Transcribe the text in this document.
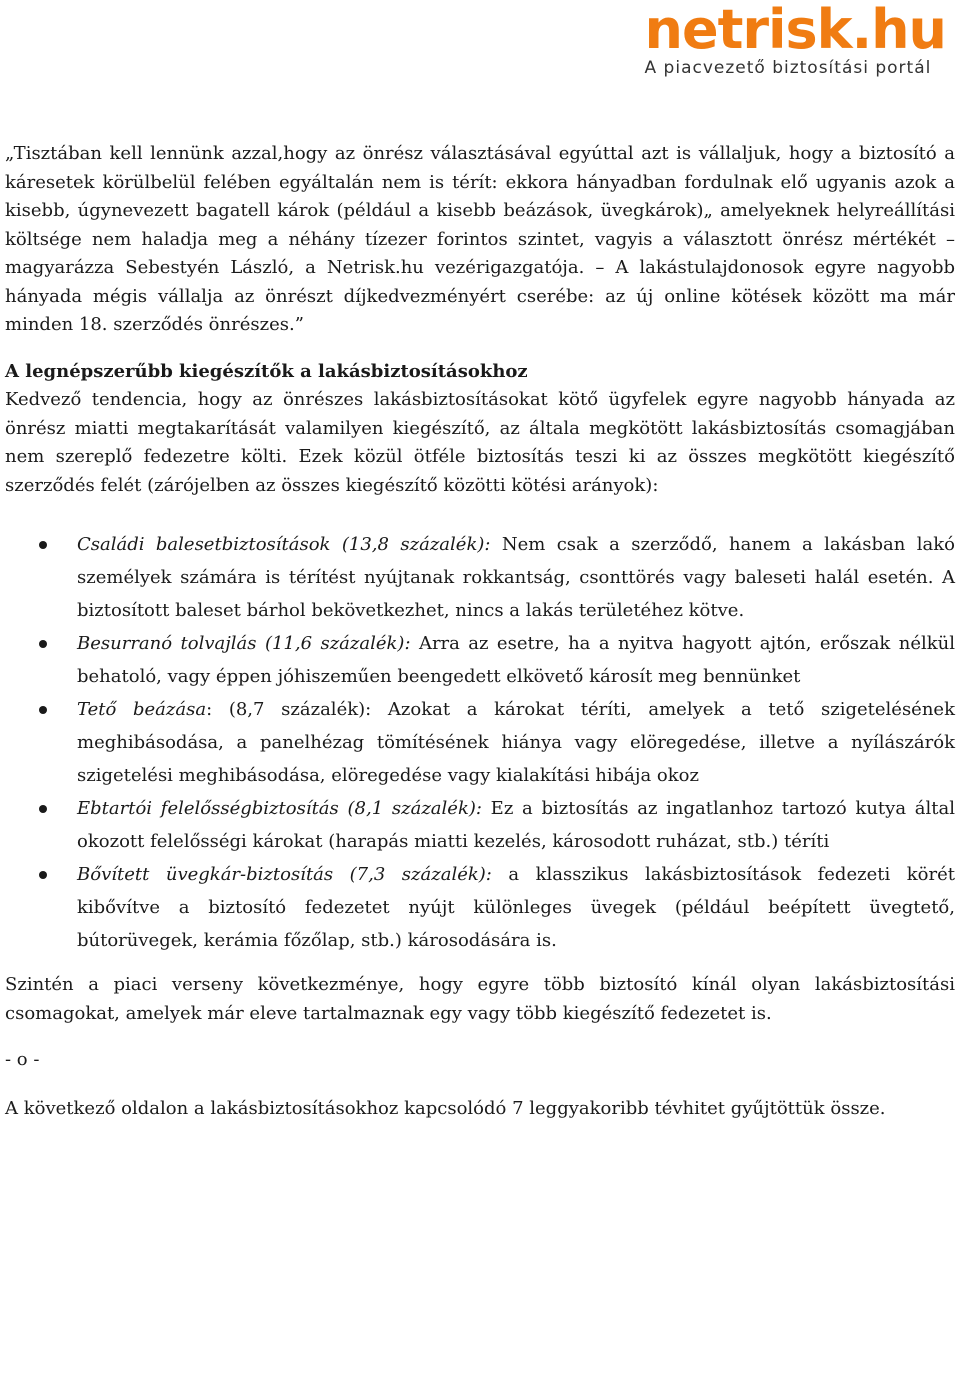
netrisk.hu
A piacvezető biztosítási portál

„Tisztában kell lennünk azzal,hogy az önrész választásával egyúttal azt is vállaljuk, hogy a biztosító a káresetek körülbelül felében egyáltalán nem is térít: ekkora hányadban fordulnak elő ugyanis azok a kisebb, úgynevezett bagatell károk (például a kisebb beázások, üvegkárok)„ amelyeknek helyreállítási költsége nem haladja meg a néhány tízezer forintos szintet, vagyis a választott önrész mértékét – magyarázza Sebestyén László, a Netrisk.hu vezérigazgatója. – A lakástulajdonosok egyre nagyobb hányada mégis vállalja az önrészt díjkedvezményért cserébe: az új online kötések között ma már minden 18. szerződés önrészes.”

A legnépszerűbb kiegészítők a lakásbiztosításokhoz

Kedvező tendencia, hogy az önrészes lakásbiztosításokat kötő ügyfelek egyre nagyobb hányada az önrész miatti megtakarítását valamilyen kiegészítő, az általa megkötött lakásbiztosítás csomagjában nem szereplő fedezetre költi. Ezek közül ötféle biztosítás teszi ki az összes megkötött kiegészítő szerződés felét (zárójelben az összes kiegészítő közötti kötési arányok):

Családi balesetbiztosítások (13,8 százalék): Nem csak a szerződő, hanem a lakásban lakó személyek számára is térítést nyújtanak rokkantság, csonttörés vagy baleseti halál esetén. A biztosított baleset bárhol bekövetkezhet, nincs a lakás területéhez kötve.
Besurranó tolvajlás (11,6 százalék): Arra az esetre, ha a nyitva hagyott ajtón, erőszak nélkül behatoló, vagy éppen jóhiszeműen beengedett elkövető károsít meg bennünket
Tető beázása: (8,7 százalék): Azokat a károkat téríti, amelyek a tető szigetelésének meghibásodása, a panelhézag tömítésének hiánya vagy elöregedése, illetve a nyílászárók szigetelési meghibásodása, elöregedése vagy kialakítási hibája okoz
Ebtartói felelősségbiztosítás (8,1 százalék): Ez a biztosítás az ingatlanhoz tartozó kutya által okozott felelősségi károkat (harapás miatti kezelés, károsodott ruházat, stb.) téríti
Bővített üvegkár-biztosítás (7,3 százalék): a klasszikus lakásbiztosítások fedezeti körét kibővítve a biztosító fedezetet nyújt különleges üvegek (például beépített üvegtető, bútorüvegek, kerámia főzőlap, stb.) károsodására is.

Szintén a piaci verseny következménye, hogy egyre több biztosító kínál olyan lakásbiztosítási csomagokat, amelyek már eleve tartalmaznak egy vagy több kiegészítő fedezetet is.

- o -

A következő oldalon a lakásbiztosításokhoz kapcsolódó 7 leggyakoribb tévhitet gyűjtöttük össze.
